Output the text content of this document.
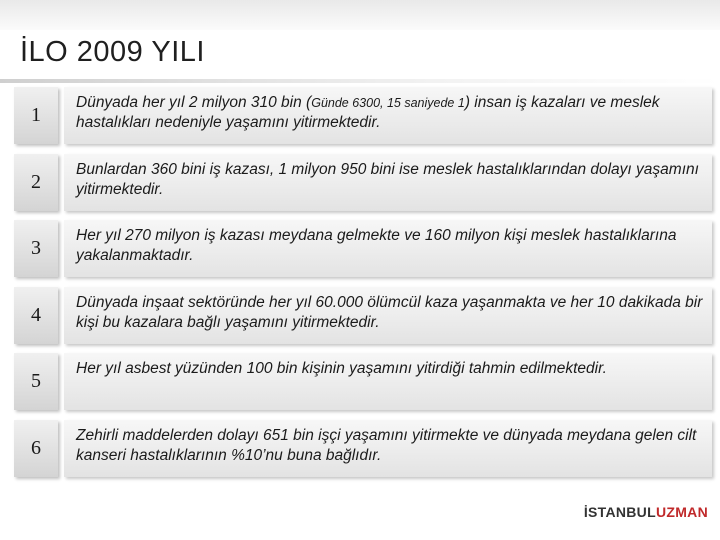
İLO 2009 YILI
1
Dünyada her yıl 2 milyon 310 bin (Günde 6300, 15 saniyede 1) insan iş kazaları ve meslek hastalıkları nedeniyle yaşamını yitirmektedir.
2
Bunlardan 360 bini iş kazası, 1 milyon 950 bini ise meslek hastalıklarından dolayı yaşamını yitirmektedir.
3
Her yıl 270 milyon iş kazası meydana gelmekte ve 160 milyon kişi meslek hastalıklarına yakalanmaktadır.
4
Dünyada inşaat sektöründe her yıl 60.000 ölümcül kaza yaşanmakta ve her 10 dakikada bir kişi bu kazalara bağlı yaşamını yitirmektedir.
5
Her yıl asbest yüzünden 100 bin kişinin yaşamını yitirdiği tahmin edilmektedir.
6
Zehirli maddelerden dolayı 651 bin işçi yaşamını yitirmekte ve dünyada meydana gelen cilt kanseri hastalıklarının %10’nu buna bağlıdır.
İSTANBULUZMAN
